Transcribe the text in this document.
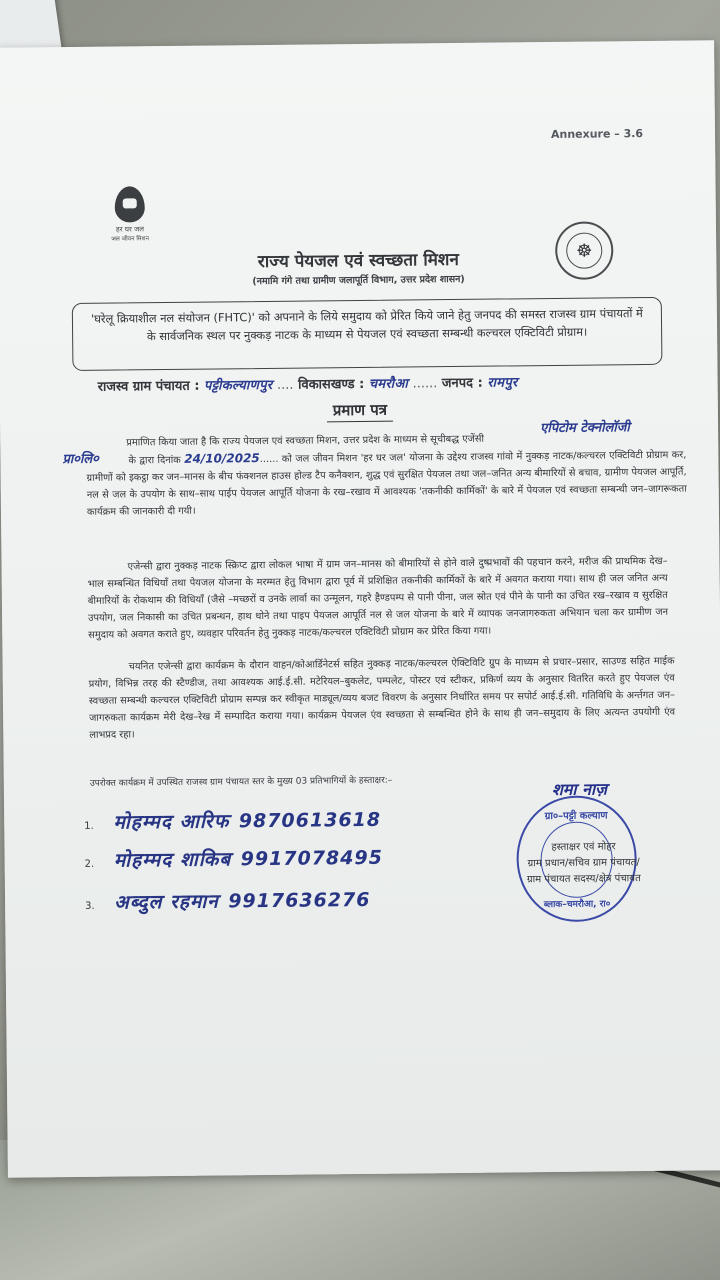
Annexure – 3.6
हर घर जल
जल जीवन मिशन
☸
राज्य पेयजल एवं स्वच्छता मिशन
(नमामि गंगे तथा ग्रामीण जलापूर्ति विभाग, उत्तर प्रदेश शासन)
'घरेलू क्रियाशील नल संयोजन (FHTC)' को अपनाने के लिये समुदाय को प्रेरित किये जाने हेतु जनपद की समस्त राजस्व ग्राम पंचायतों में के सार्वजनिक स्थल पर नुक्कड़ नाटक के माध्यम से पेयजल एवं स्वच्छता सम्बन्धी कल्चरल एक्टिविटी प्रोग्राम।
राजस्व ग्राम पंचायत : पट्टीकल्याणपुर .... विकासखण्ड : चमरौआ ...... जनपद : रामपुर
प्रमाण पत्र
एपिटोम टेक्नोलॉजी
प्रा०लि०
प्रमाणित किया जाता है कि राज्य पेयजल एवं स्वच्छता मिशन, उत्तर प्रदेश के माध्यम से सूचीबद्ध एजेंसी
के द्वारा दिनांक 24/10/2025...... को जल जीवन मिशन 'हर घर जल' योजना के उद्देश्य राजस्व गांवो में नुक्कड़ नाटक/कल्चरल एक्टिविटी प्रोग्राम कर, ग्रामीणों को इकट्ठा कर जन–मानस के बीच फंक्शनल हाउस होल्ड टैप कनैक्शन, शुद्ध एवं सुरक्षित पेयजल तथा जल–जनित अन्य बीमारियों से बचाव, ग्रामीण पेयजल आपूर्ति, नल से जल के उपयोग के साथ–साथ पाईप पेयजल आपूर्ति योजना के रख–रखाव में आवश्यक 'तकनीकी कार्मिकों' के बारे में पेयजल एवं स्वच्छता सम्बन्धी जन–जागरूकता कार्यक्रम की जानकारी दी गयी।
एजेन्सी द्वारा नुक्कड़ नाटक स्क्रिप्ट द्वारा लोकल भाषा में ग्राम जन–मानस को बीमारियों से होने वाले दुष्प्रभावों की पहचान करने, मरीज की प्राथमिक देख–भाल सम्बन्धित विधियाँ तथा पेयजल योजना के मरम्मत हेतु विभाग द्वारा पूर्व में प्रशिक्षित तकनीकी कार्मिकों के बारे में अवगत कराया गया। साथ ही जल जनित अन्य बीमारियों के रोकथाम की विधियाँ (जैसे –मच्छरों व उनके लार्वा का उन्मूलन, गहरे हैण्डपम्प से पानी पीना, जल स्रोत एवं पीने के पानी का उचित रख–रखाव व सुरक्षित उपयोग, जल निकासी का उचित प्रबन्धन, हाथ धोने तथा पाइप पेयजल आपूर्ति नल से जल योजना के बारे में व्यापक जनजागरुकता अभियान चला कर ग्रामीण जन समुदाय को अवगत कराते हुए, व्यवहार परिवर्तन हेतु नुक्कड़ नाटक/कल्चरल एक्टिविटी प्रोग्राम कर प्रेरित किया गया।
चयनित एजेन्सी द्वारा कार्यक्रम के दौरान वाहन/कोआर्डिनेटर्स सहित नुक्कड़ नाटक/कल्चरल ऐक्टिविटि ग्रुप के माध्यम से प्रचार–प्रसार, साउण्ड सहित माईक प्रयोग, विभिन्न तरह की स्टैण्डीज, तथा आवश्यक आई.ई.सी. मटेरियल–बुकलेट, पम्पलेट, पोस्टर एवं स्टीकर, प्रकिर्ण व्यय के अनुसार वितरित करते हुए पेयजल एंव स्वच्छता सम्बन्धी कल्चरल एक्टिविटी प्रोग्राम सम्पन्न कर स्वीकृत माड्यूल/व्यय बजट विवरण के अनुसार निर्धारित समय पर सपोर्ट आई.ई.सी. गतिविधि के अर्न्तगत जन–जागरुकता कार्यक्रम मेरी देख–रेख में सम्पादित कराया गया। कार्यक्रम पेयजल एंव स्वच्छता से सम्बन्धित होने के साथ ही जन–समुदाय के लिए अत्यन्त उपयोगी एंव लाभप्रद रहा।
उपरोक्त कार्यक्रम में उपस्थित राजस्व ग्राम पंचायत स्तर के मुख्य 03 प्रतिभागियों के हस्ताक्षर:–
1. मोहम्मद आरिफ 9870613618
2. मोहम्मद शाकिब 9917078495
3. अब्दुल रहमान 9917636276
ग्रा०–पट्टी कल्याण
ब्लाक–चमरौआ, रा०
शमा नाज़
हस्ताक्षर एवं मोहर
ग्राम प्रधान/सचिव ग्राम पंचायत/
ग्राम पंचायत सदस्य/क्षेत्र पंचायत
